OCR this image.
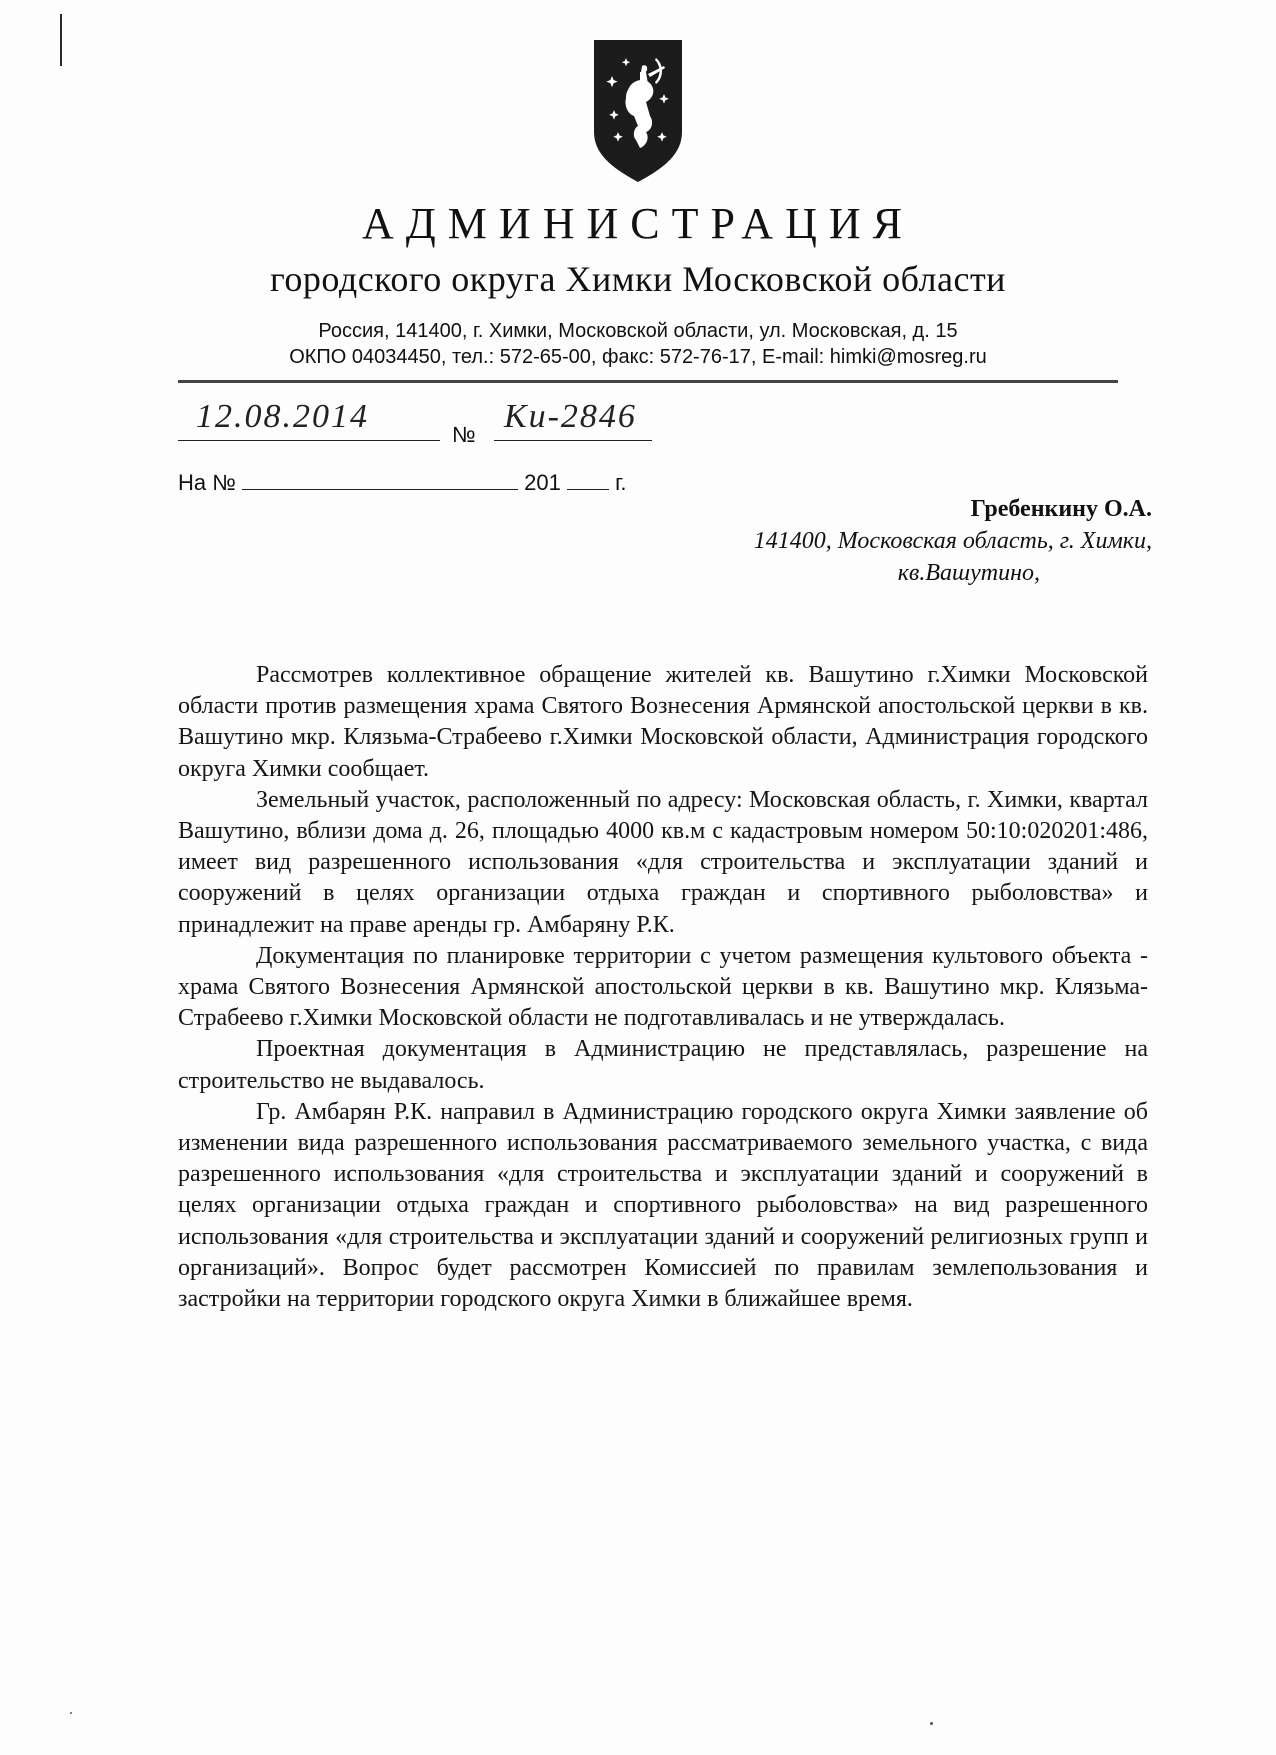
АДМИНИСТРАЦИЯ
городского округа Химки Московской области
Россия, 141400, г. Химки, Московской области, ул. Московская, д. 15
ОКПО 04034450, тел.: 572-65-00, факс: 572-76-17, E-mail: himki@mosreg.ru
12.08.2014	№ Ки-2846
На №	201 г.
Гребенкину О.А.
141400, Московская область, г. Химки,
кв.Вашутино,

Рассмотрев коллективное обращение жителей кв. Вашутино г.Химки Московской области против размещения храма Святого Вознесения Армянской апостольской церкви в кв. Вашутино мкр. Клязьма-Страбеево г.Химки Московской области, Администрация городского округа Химки сообщает.

Земельный участок, расположенный по адресу: Московская область, г. Химки, квартал Вашутино, вблизи дома д. 26, площадью 4000 кв.м с кадастровым номером 50:10:020201:486, имеет вид разрешенного использования «для строительства и эксплуатации зданий и сооружений в целях организации отдыха граждан и спортивного рыболовства» и принадлежит на праве аренды гр. Амбаряну Р.К.

Документация по планировке территории с учетом размещения культового объекта - храма Святого Вознесения Армянской апостольской церкви в кв. Вашутино мкр. Клязьма-Страбеево г.Химки Московской области не подготавливалась и не утверждалась.

Проектная документация в Администрацию не представлялась, разрешение на строительство не выдавалось.

Гр. Амбарян Р.К. направил в Администрацию городского округа Химки заявление об изменении вида разрешенного использования рассматриваемого земельного участка, с вида разрешенного использования «для строительства и эксплуатации зданий и сооружений в целях организации отдыха граждан и спортивного рыболовства» на вид разрешенного использования «для строительства и эксплуатации зданий и сооружений религиозных групп и организаций». Вопрос будет рассмотрен Комиссией по правилам землепользования и застройки на территории городского округа Химки в ближайшее время.
